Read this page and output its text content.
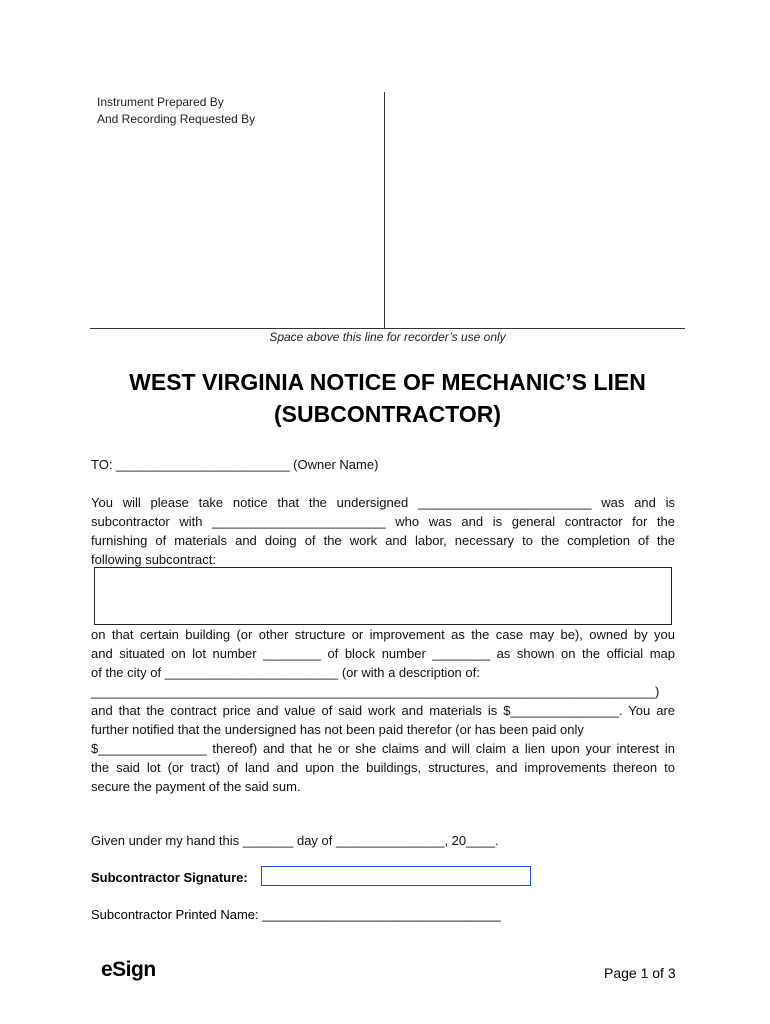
Instrument Prepared By
And Recording Requested By
Space above this line for recorder’s use only
WEST VIRGINIA NOTICE OF MECHANIC’S LIEN
(SUBCONTRACTOR)
TO: ________________________ (Owner Name)
You will please take notice that the undersigned ________________________ was and is
subcontractor with ________________________ who was and is general contractor for the
furnishing of materials and doing of the work and labor, necessary to the completion of the
following subcontract:
on that certain building (or other structure or improvement as the case may be), owned by you
and situated on lot number ________ of block number ________ as shown on the official map
of the city of ________________________ (or with a description of:
______________________________________________________________________________)
and that the contract price and value of said work and materials is $_______________. You are
further notified that the undersigned has not been paid therefor (or has been paid only
$_______________ thereof) and that he or she claims and will claim a lien upon your interest in
the said lot (or tract) of land and upon the buildings, structures, and improvements thereon to
secure the payment of the said sum.
Given under my hand this _______ day of _______________, 20____.
Subcontractor Signature:
Subcontractor Printed Name: _________________________________
eSign	Page 1 of 3
